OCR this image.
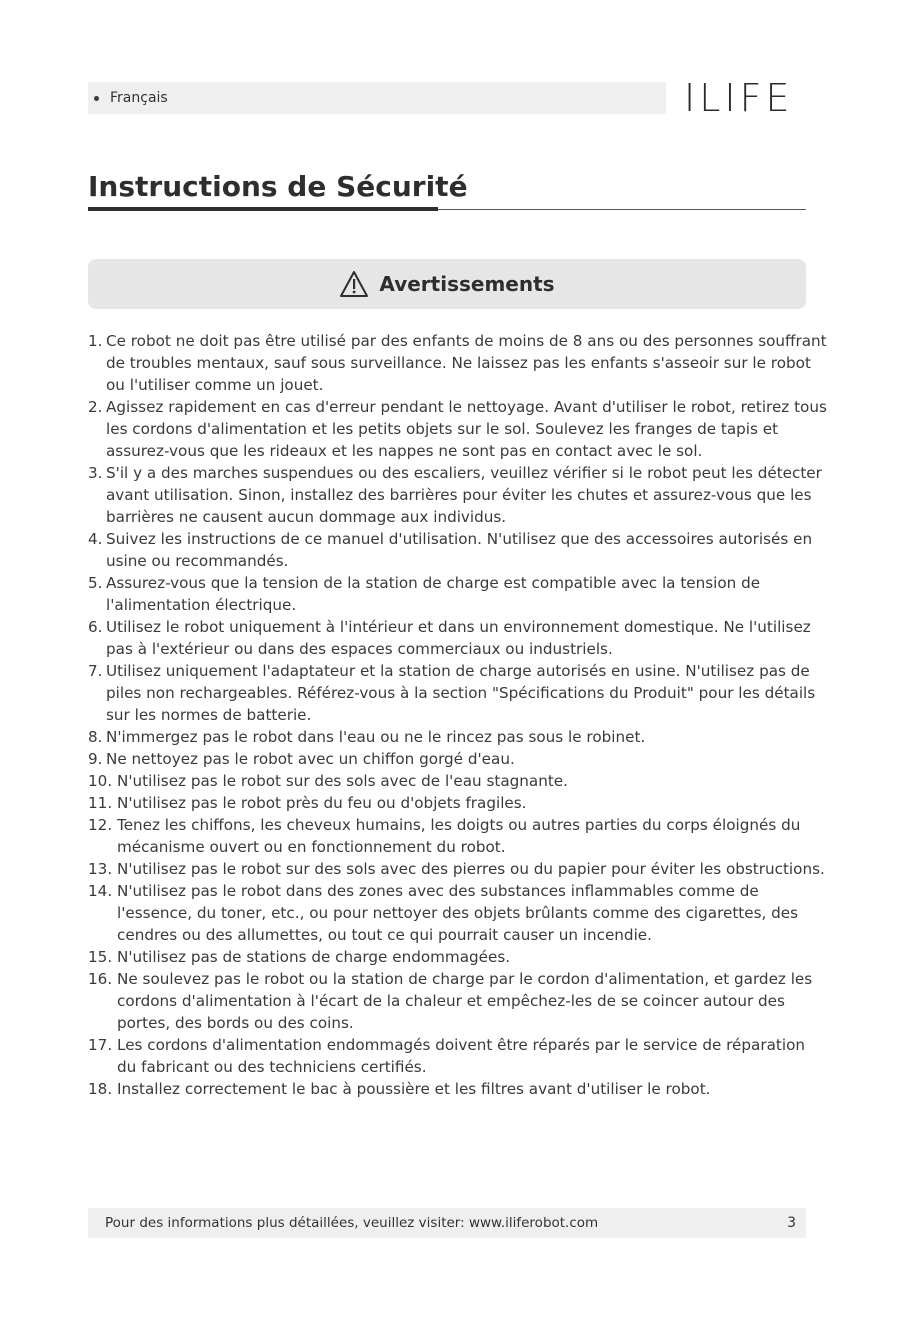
Français	ILIFE
Instructions de Sécurité
Avertissements
1. Ce robot ne doit pas être utilisé par des enfants de moins de 8 ans ou des personnes souffrant de troubles mentaux, sauf sous surveillance. Ne laissez pas les enfants s'asseoir sur le robot ou l'utiliser comme un jouet.
2. Agissez rapidement en cas d'erreur pendant le nettoyage. Avant d'utiliser le robot, retirez tous les cordons d'alimentation et les petits objets sur le sol. Soulevez les franges de tapis et assurez-vous que les rideaux et les nappes ne sont pas en contact avec le sol.
3. S'il y a des marches suspendues ou des escaliers, veuillez vérifier si le robot peut les détecter avant utilisation. Sinon, installez des barrières pour éviter les chutes et assurez-vous que les barrières ne causent aucun dommage aux individus.
4. Suivez les instructions de ce manuel d'utilisation. N'utilisez que des accessoires autorisés en usine ou recommandés.
5. Assurez-vous que la tension de la station de charge est compatible avec la tension de l'alimentation électrique.
6. Utilisez le robot uniquement à l'intérieur et dans un environnement domestique. Ne l'utilisez pas à l'extérieur ou dans des espaces commerciaux ou industriels.
7. Utilisez uniquement l'adaptateur et la station de charge autorisés en usine. N'utilisez pas de piles non rechargeables. Référez-vous à la section "Spécifications du Produit" pour les détails sur les normes de batterie.
8. N'immergez pas le robot dans l'eau ou ne le rincez pas sous le robinet.
9. Ne nettoyez pas le robot avec un chiffon gorgé d'eau.
10. N'utilisez pas le robot sur des sols avec de l'eau stagnante.
11. N'utilisez pas le robot près du feu ou d'objets fragiles.
12. Tenez les chiffons, les cheveux humains, les doigts ou autres parties du corps éloignés du mécanisme ouvert ou en fonctionnement du robot.
13. N'utilisez pas le robot sur des sols avec des pierres ou du papier pour éviter les obstructions.
14. N'utilisez pas le robot dans des zones avec des substances inflammables comme de l'essence, du toner, etc., ou pour nettoyer des objets brûlants comme des cigarettes, des cendres ou des allumettes, ou tout ce qui pourrait causer un incendie.
15. N'utilisez pas de stations de charge endommagées.
16. Ne soulevez pas le robot ou la station de charge par le cordon d'alimentation, et gardez les cordons d'alimentation à l'écart de la chaleur et empêchez-les de se coincer autour des portes, des bords ou des coins.
17. Les cordons d'alimentation endommagés doivent être réparés par le service de réparation du fabricant ou des techniciens certifiés.
18. Installez correctement le bac à poussière et les filtres avant d'utiliser le robot.
Pour des informations plus détaillées, veuillez visiter: www.iliferobot.com	3
